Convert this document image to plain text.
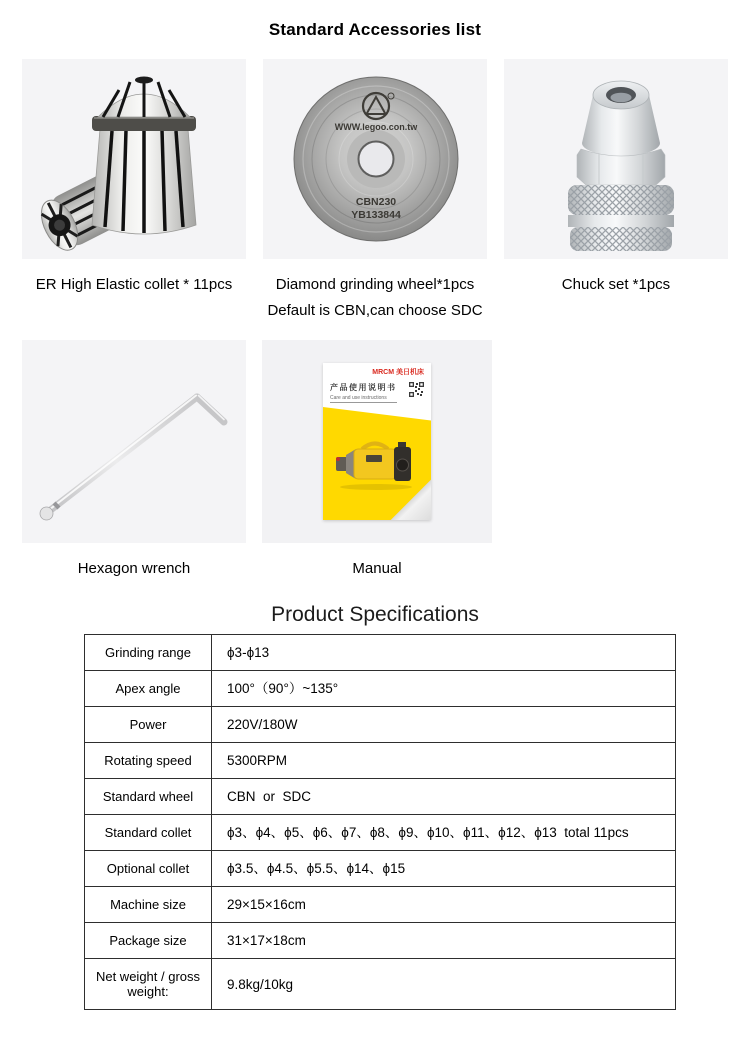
Standard Accessories list
WWW.legoo.con.tw
CBN230
YB133844
ER High Elastic collet * 11pcs	Diamond grinding wheel*1pcs	Chuck set *1pcs
Default is CBN,can choose SDC
MRCM 美日机床
产品使用说明书
Care and use instructions
Hexagon wrench	Manual
Product Specifications
Grinding range	ϕ3-ϕ13
Apex angle	100°（90°）~135°
Power	220V/180W
Rotating speed	5300RPM
Standard wheel	CBN  or  SDC
Standard collet	ϕ3、ϕ4、ϕ5、ϕ6、ϕ7、ϕ8、ϕ9、ϕ10、ϕ11、ϕ12、ϕ13  total 11pcs
Optional collet	ϕ3.5、ϕ4.5、ϕ5.5、ϕ14、ϕ15
Machine size	29×15×16cm
Package size	31×17×18cm
Net weight / gross weight:	9.8kg/10kg
